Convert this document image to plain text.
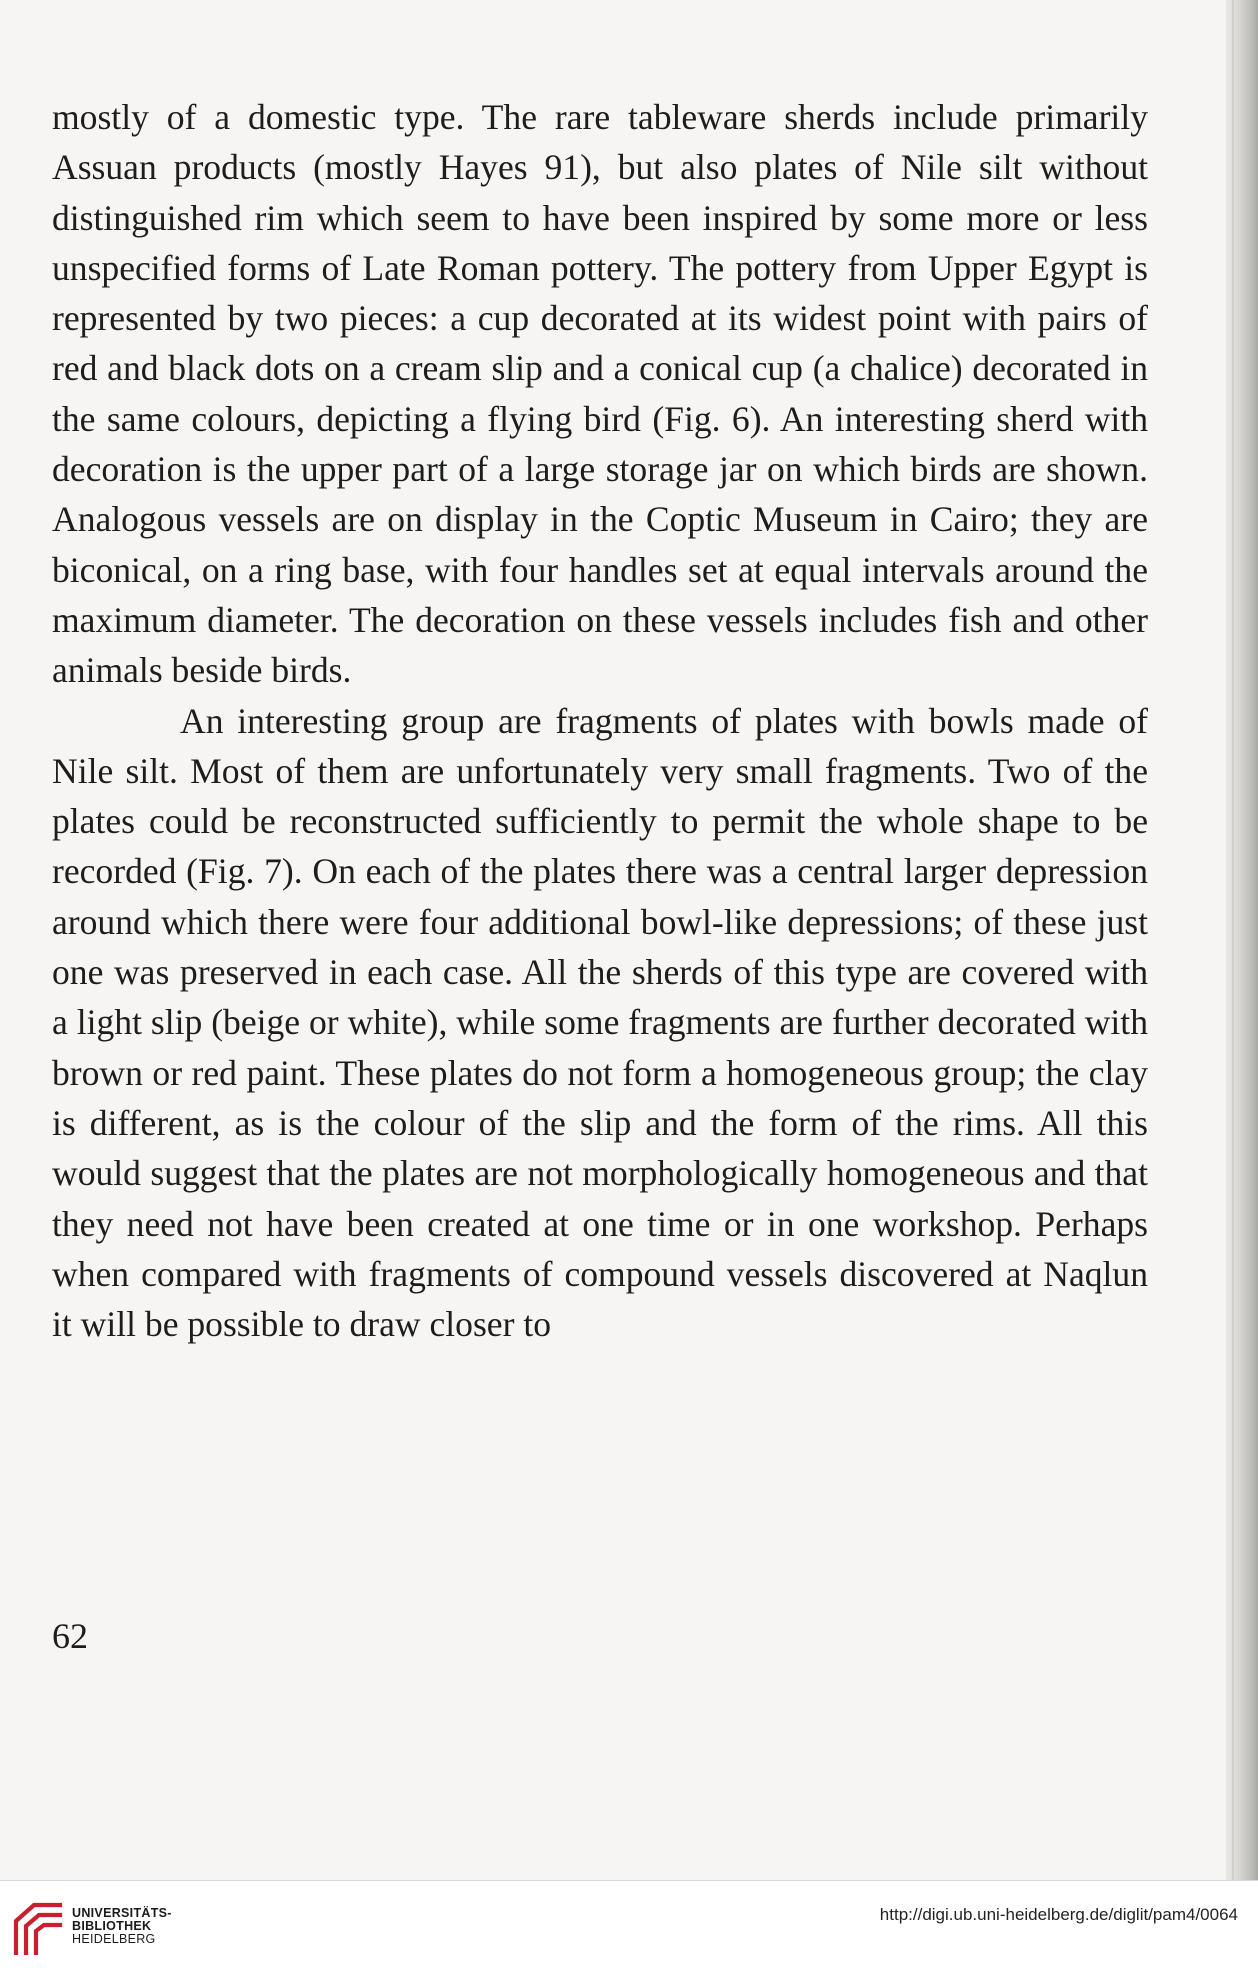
mostly of a domestic type. The rare tableware sherds include primarily Assuan products (mostly Hayes 91), but also plates of Nile silt without distinguished rim which seem to have been inspired by some more or less unspecified forms of Late Roman pottery. The pottery from Upper Egypt is represented by two pieces: a cup decorated at its widest point with pairs of red and black dots on a cream slip and a conical cup (a chalice) decorated in the same colours, depicting a flying bird (Fig. 6). An interesting sherd with decoration is the upper part of a large storage jar on which birds are shown. Analogous vessels are on display in the Coptic Museum in Cairo; they are biconical, on a ring base, with four handles set at equal intervals around the maximum diameter. The decoration on these vessels includes fish and other animals beside birds.

An interesting group are fragments of plates with bowls made of Nile silt. Most of them are unfortunately very small fragments. Two of the plates could be reconstructed sufficiently to permit the whole shape to be recorded (Fig. 7). On each of the plates there was a central larger depression around which there were four additional bowl-like depressions; of these just one was preserved in each case. All the sherds of this type are covered with a light slip (beige or white), while some fragments are further decorated with brown or red paint. These plates do not form a homogeneous group; the clay is different, as is the colour of the slip and the form of the rims. All this would suggest that the plates are not morphologically homogeneous and that they need not have been created at one time or in one workshop. Perhaps when compared with fragments of compound vessels discovered at Naqlun it will be possible to draw closer to

62
UNIVERSITÄTS-
BIBLIOTHEK
HEIDELBERG
http://digi.ub.uni-heidelberg.de/diglit/pam4/0064
